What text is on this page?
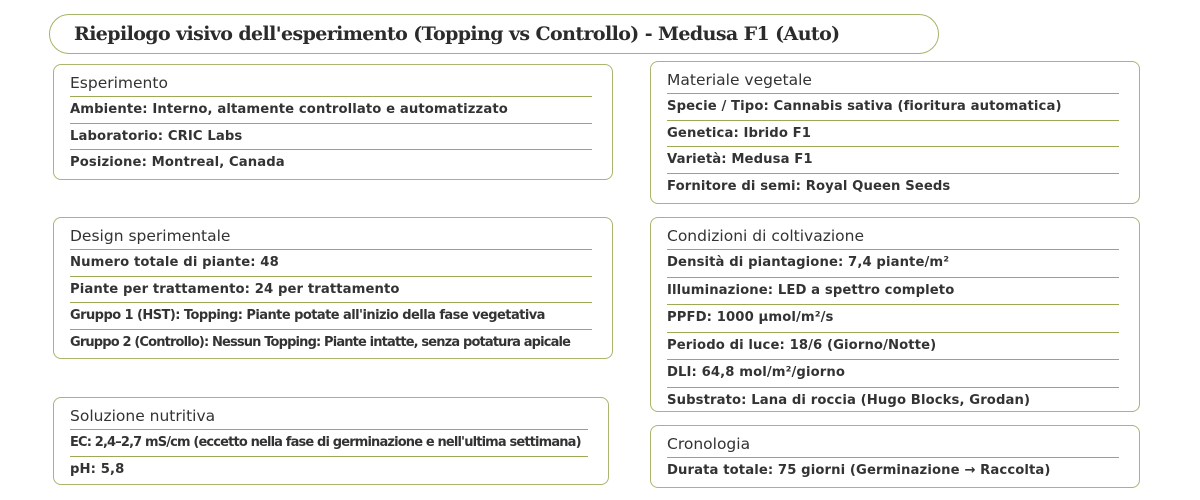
Riepilogo visivo dell'esperimento (Topping vs Controllo) - Medusa F1 (Auto)
Esperimento
Ambiente: Interno, altamente controllato e automatizzato
Laboratorio: CRIC Labs
Posizione: Montreal, Canada
Design sperimentale
Numero totale di piante: 48
Piante per trattamento: 24 per trattamento
Gruppo 1 (HST): Topping: Piante potate all'inizio della fase vegetativa
Gruppo 2 (Controllo): Nessun Topping: Piante intatte, senza potatura apicale
Soluzione nutritiva
EC: 2,4–2,7 mS/cm (eccetto nella fase di germinazione e nell'ultima settimana)
pH: 5,8
Materiale vegetale
Specie / Tipo: Cannabis sativa (fioritura automatica)
Genetica: Ibrido F1
Varietà: Medusa F1
Fornitore di semi: Royal Queen Seeds
Condizioni di coltivazione
Densità di piantagione: 7,4 piante/m²
Illuminazione: LED a spettro completo
PPFD: 1000 µmol/m²/s
Periodo di luce: 18/6 (Giorno/Notte)
DLI: 64,8 mol/m²/giorno
Substrato: Lana di roccia (Hugo Blocks, Grodan)
Cronologia
Durata totale: 75 giorni (Germinazione → Raccolta)
